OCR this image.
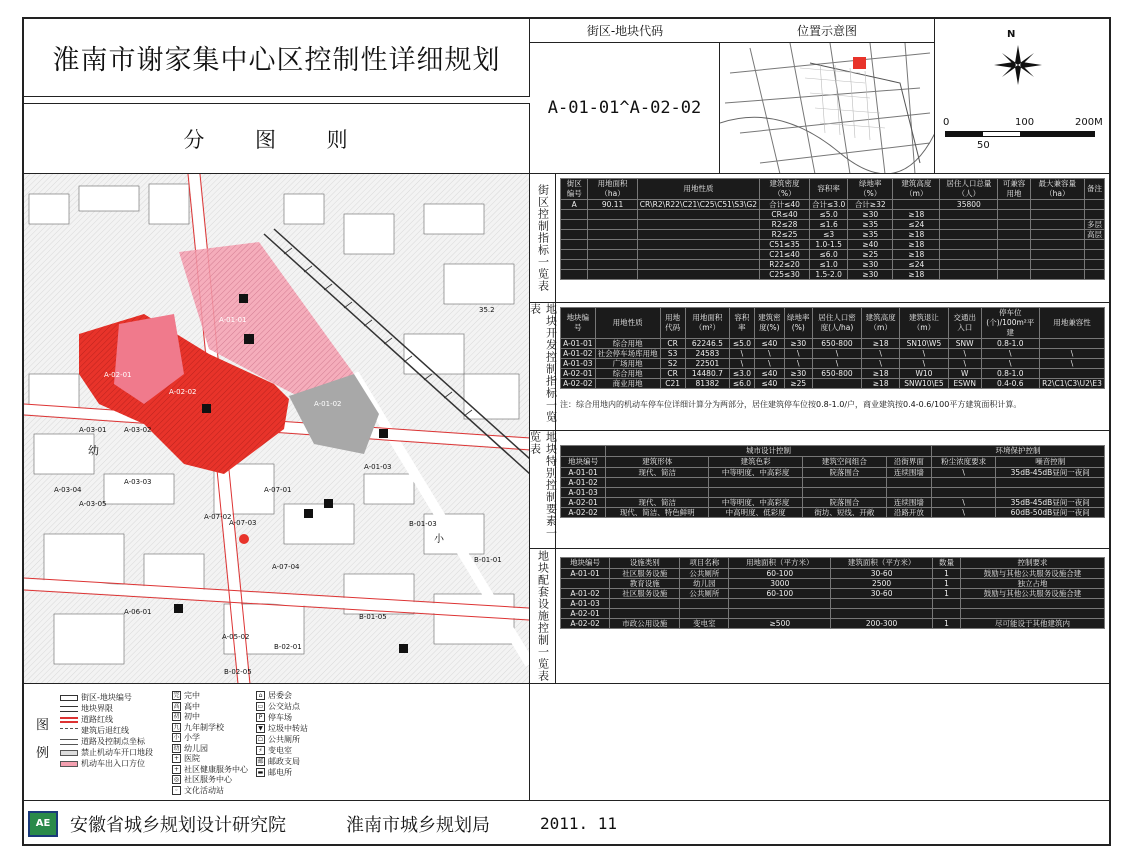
淮南市谢家集中心区控制性详细规划
分 图 则
街区-地块代码
A-01-01^A-02-02
位置示意图	N
0	100	200M
50
A-01-01
A-01-02
A-02-01
A-02-02
A-01-03
A-03-01 A-03-02
A-03-03
A-03-04
A-03-05
A-07-01
A-07-02
A-07-03
A-07-04
A-06-01
A-05-02
B-02-01
B-01-03
B-01-01
B-01-05
B-02-05
35.2
幼
小
街区控制指标一览表
街区编号	用地面积（ha）	用地性质	建筑密度（%）	容积率	绿地率（%）	建筑高度（m）	居住人口总量（人）	可兼容用地	最大兼容量（ha）	备注
A	90.11	CR\R2\R22\C21\C25\C51\S3\G2	合计≤40	合计≤3.0	合计≥32		35800			
			CR≤40	≤5.0	≥30	≥18				
			R2≤28	≤1.6	≥35	≤24				多层
			R2≤25	≤3	≥35	≥18				高层
			C51≤35	1.0-1.5	≥40	≥18				
			C21≤40	≤6.0	≥25	≥18				
			R22≤20	≤1.0	≥30	≤24				
			C25≤30	1.5-2.0	≥30	≥18				
地块开发控制指标一览表
地块编号	用地性质	用地代码	用地面积（m²）	容积率	建筑密度(%)	绿地率(%)	居住人口密度(人/ha)	建筑高度（m）	建筑退让（m）	交通出入口	停车位(个)/100m²平建	用地兼容性
A-01-01	综合用地	CR	62246.5	≤5.0	≤40	≥30	650-800	≥18	SN10\W5	SNW	0.8-1.0	
A-01-02	社会停车场库用地	S3	24583	\	\	\	\	\	\	\	\	\
A-01-03	广场用地	S2	22501	\	\	\	\	\	\	\	\	\
A-02-01	综合用地	CR	14480.7	≤3.0	≤40	≥30	650-800	≥18	W10	W	0.8-1.0	
A-02-02	商业用地	C21	81382	≤6.0	≤40	≥25		≥18	SNW10\E5	ESWN	0.4-0.6	R2\C1\C3\U2\E3
注：综合用地内的机动车停车位详细计算分为两部分，居住建筑停车位按0.8-1.0/户，商业建筑按0.4-0.6/100平方建筑面积计算。
地块特别控制要素一览表
		城市设计控制				环境保护控制	
地块编号	建筑形体	建筑色彩	建筑空间组合	沿街界面	粉尘浓度要求	噪音控制
A-01-01	现代、简洁	中等明度、中高彩度	院落围合	连续围墙	\	35dB-45dB昼间一夜间
A-01-02						
A-01-03						
A-02-01	现代、简洁	中等明度、中高彩度	院落围合	连续围墙	\	35dB-45dB昼间一夜间
A-02-02	现代、简洁、特色鲜明	中高明度、低彩度	街坊、短线、开敞	沿路开放	\	60dB-50dB昼间一夜间
地块配套设施控制一览表	地块编号	设施类别	项目名称	用地面积（平方米）	建筑面积（平方米）	数量	控制要求
A-01-01	社区服务设施	公共厕所	60-100	30-60	1	鼓励与其他公共服务设施合建
	教育设施	幼儿园	3000	2500	1	独立占地
A-01-02	社区服务设施	公共厕所	60-100	30-60	1	鼓励与其他公共服务设施合建
A-01-03						
A-02-01						
A-02-02	市政公用设施	变电室	≥500	200-300	1	尽可能设于其他建筑内
图
例
街区-地块编号
地块界限
道路红线
建筑后退红线
道路及控制点坐标
禁止机动车开口地段
机动车出入口方位
完 完中
高 高中
初 初中
九 九年制学校
小 小学
幼 幼儿园
+ 医院
+ 社区健康服务中心
◎ 社区服务中心
◦ 文化活动站
⌂ 居委会
▭ 公交站点
P 停车场
▼ 垃圾中转站
☖ 公共厕所
⚡ 变电室
邮 邮政支局
▬ 邮电所
AE 安徽省城乡规划设计研究院	淮南市城乡规划局	2011. 11
